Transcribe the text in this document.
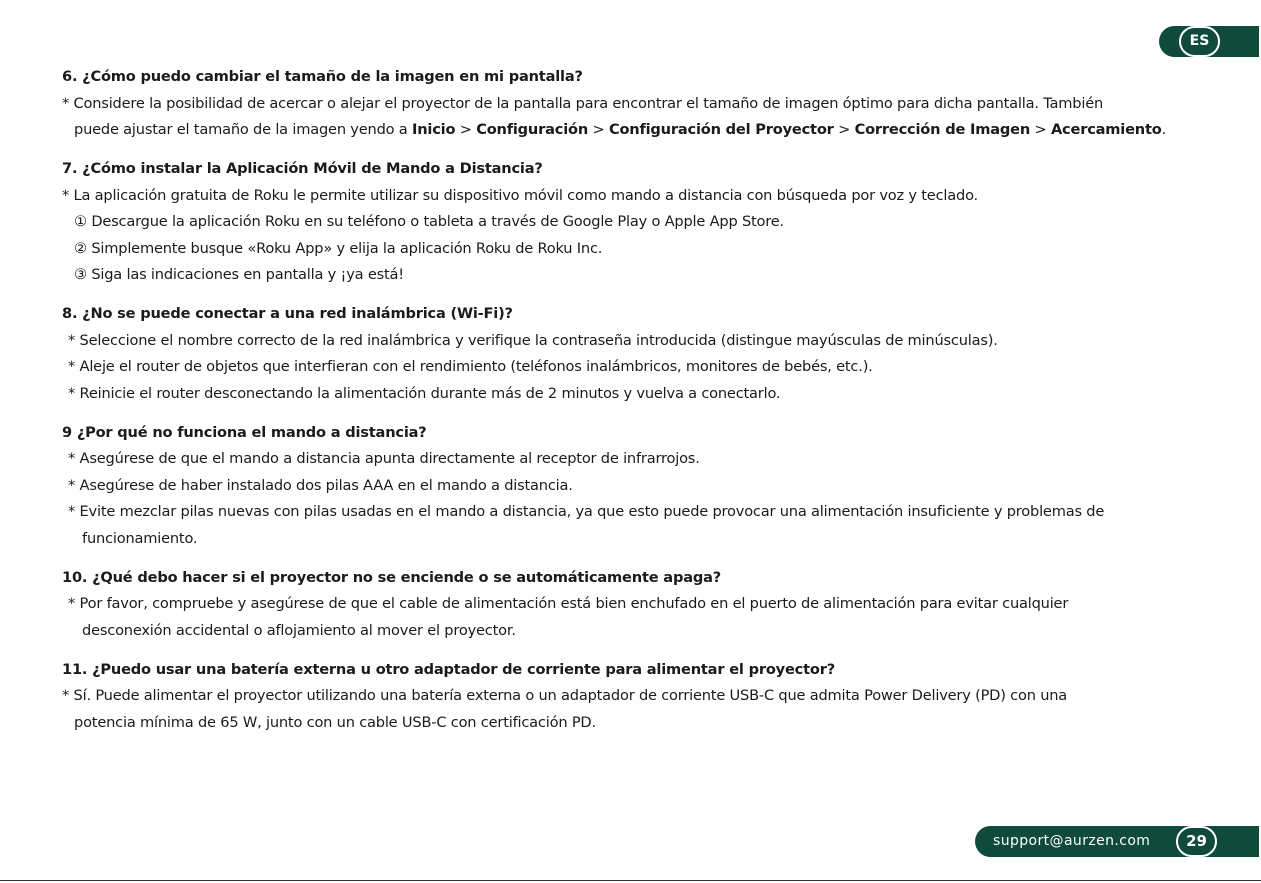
ES

6. ¿Cómo puedo cambiar el tamaño de la imagen en mi pantalla?

* Considere la posibilidad de acercar o alejar el proyector de la pantalla para encontrar el tamaño de imagen óptimo para dicha pantalla. También

puede ajustar el tamaño de la imagen yendo a Inicio > Configuración > Configuración del Proyector > Corrección de Imagen > Acercamiento.

7. ¿Cómo instalar la Aplicación Móvil de Mando a Distancia?

* La aplicación gratuita de Roku le permite utilizar su dispositivo móvil como mando a distancia con búsqueda por voz y teclado.

① Descargue la aplicación Roku en su teléfono o tableta a través de Google Play o Apple App Store.

② Simplemente busque «Roku App» y elija la aplicación Roku de Roku Inc.

③ Siga las indicaciones en pantalla y ¡ya está!

8. ¿No se puede conectar a una red inalámbrica (Wi-Fi)?

* Seleccione el nombre correcto de la red inalámbrica y verifique la contraseña introducida (distingue mayúsculas de minúsculas).

* Aleje el router de objetos que interfieran con el rendimiento (teléfonos inalámbricos, monitores de bebés, etc.).

* Reinicie el router desconectando la alimentación durante más de 2 minutos y vuelva a conectarlo.

9 ¿Por qué no funciona el mando a distancia?

* Asegúrese de que el mando a distancia apunta directamente al receptor de infrarrojos.

* Asegúrese de haber instalado dos pilas AAA en el mando a distancia.

* Evite mezclar pilas nuevas con pilas usadas en el mando a distancia, ya que esto puede provocar una alimentación insuficiente y problemas de

funcionamiento.

10. ¿Qué debo hacer si el proyector no se enciende o se automáticamente apaga?

* Por favor, compruebe y asegúrese de que el cable de alimentación está bien enchufado en el puerto de alimentación para evitar cualquier

desconexión accidental o aflojamiento al mover el proyector.

11. ¿Puedo usar una batería externa u otro adaptador de corriente para alimentar el proyector?

* Sí. Puede alimentar el proyector utilizando una batería externa o un adaptador de corriente USB-C que admita Power Delivery (PD) con una

potencia mínima de 65 W, junto con un cable USB-C con certificación PD.

support@aurzen.com	29
